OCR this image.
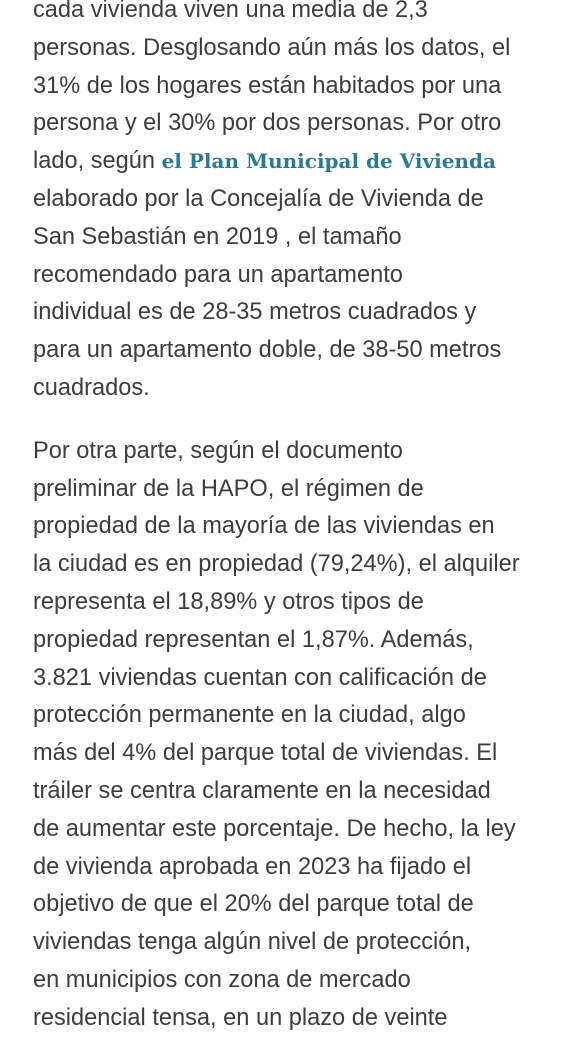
cada vivienda viven una media de 2,3
personas. Desglosando aún más los datos, el
31% de los hogares están habitados por una
persona y el 30% por dos personas. Por otro
lado, según el Plan Municipal de Vivienda
elaborado por la Concejalía de Vivienda de
San Sebastián en 2019 , el tamaño
recomendado para un apartamento
individual es de 28-35 metros cuadrados y
para un apartamento doble, de 38-50 metros
cuadrados.

Por otra parte, según el documento
preliminar de la HAPO, el régimen de
propiedad de la mayoría de las viviendas en
la ciudad es en propiedad (79,24%), el alquiler
representa el 18,89% y otros tipos de
propiedad representan el 1,87%. Además,
3.821 viviendas cuentan con calificación de
protección permanente en la ciudad, algo
más del 4% del parque total de viviendas. El
tráiler se centra claramente en la necesidad
de aumentar este porcentaje. De hecho, la ley
de vivienda aprobada en 2023 ha fijado el
objetivo de que el 20% del parque total de
viviendas tenga algún nivel de protección,
en municipios con zona de mercado
residencial tensa, en un plazo de veinte
